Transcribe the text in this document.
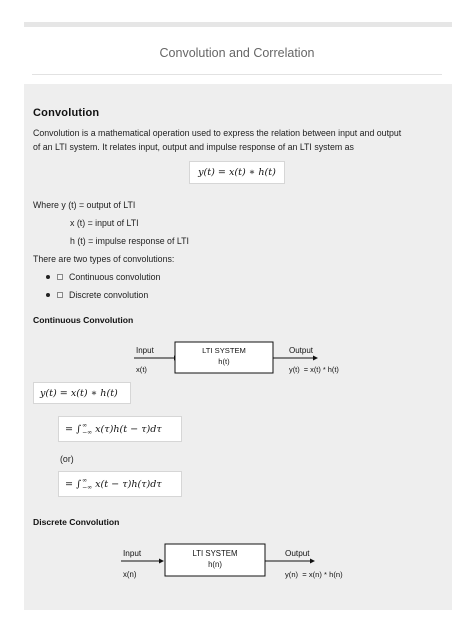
Convolution and Correlation
Convolution
Convolution is a mathematical operation used to express the relation between input and output
of an LTI system. It relates input, output and impulse response of an LTI system as
y(t) = x(t) ∗ h(t)
Where y (t) = output of LTI
x (t) = input of LTI
h (t) = impulse response of LTI
There are two types of convolutions:
Continuous convolution
Discrete convolution
Continuous Convolution
Input
x(t)
LTI SYSTEM
h(t)
Output
y(t)  = x(t) * h(t)
y(t) = x(t) ∗ h(t)
= ∫ ∞
−∞ x(τ)h(t − τ)dτ
(or)
= ∫ ∞
−∞ x(t − τ)h(τ)dτ
Discrete Convolution
Input
x(n)
LTI SYSTEM
h(n)
Output
y(n)  = x(n) * h(n)
